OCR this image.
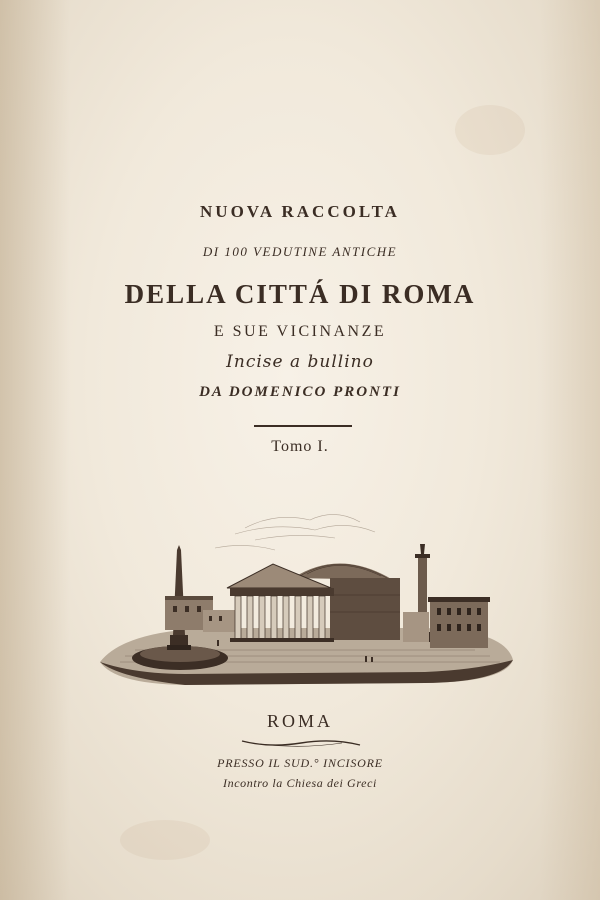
NUOVA RACCOLTA
DI 100 VEDUTINE ANTICHE
DELLA CITTÁ DI ROMA
E SUE VICINANZE
Incise a bullino
DA DOMENICO PRONTI
Tomo I.
ROMA
PRESSO IL SUD.° INCISORE
Incontro la Chiesa dei Greci
